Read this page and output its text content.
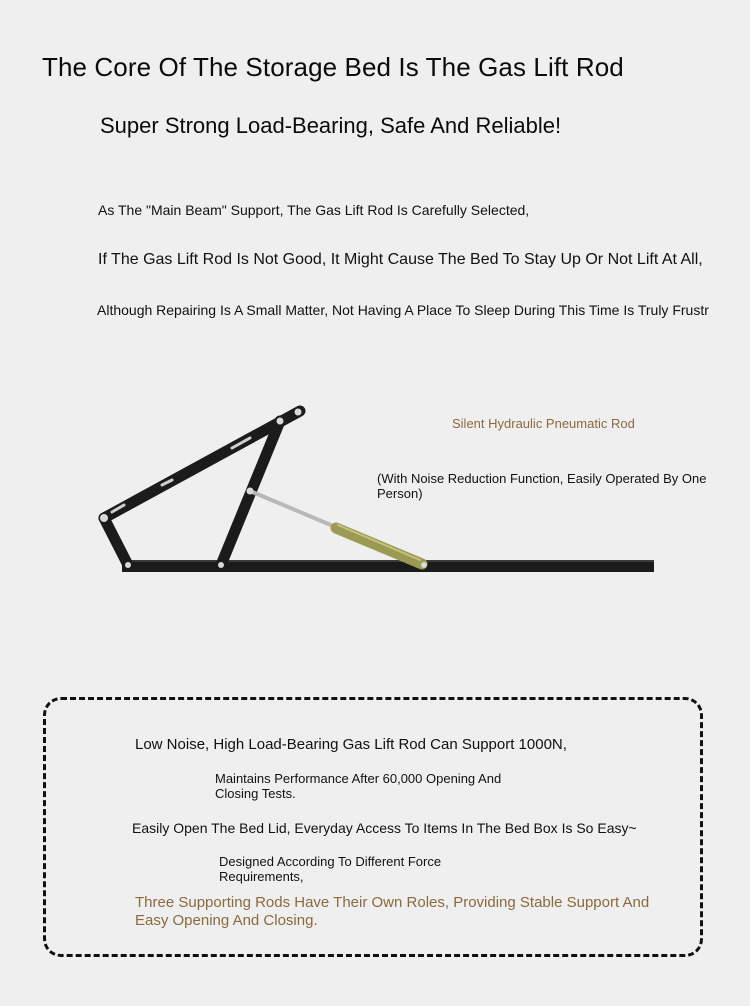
The Core Of The Storage Bed Is The Gas Lift Rod
Super Strong Load-Bearing, Safe And Reliable!
As The "Main Beam" Support, The Gas Lift Rod Is Carefully Selected,
If The Gas Lift Rod Is Not Good, It Might Cause The Bed To Stay Up Or Not Lift At All,
Although Repairing Is A Small Matter, Not Having A Place To Sleep During This Time Is Truly Frustr
Silent Hydraulic Pneumatic Rod
(With Noise Reduction Function, Easily Operated By One Person)
Low Noise, High Load-Bearing Gas Lift Rod Can Support 1000N,
Maintains Performance After 60,000 Opening And Closing Tests.
Easily Open The Bed Lid, Everyday Access To Items In The Bed Box Is So Easy~
Designed According To Different Force Requirements,
Three Supporting Rods Have Their Own Roles, Providing Stable Support And Easy Opening And Closing.
